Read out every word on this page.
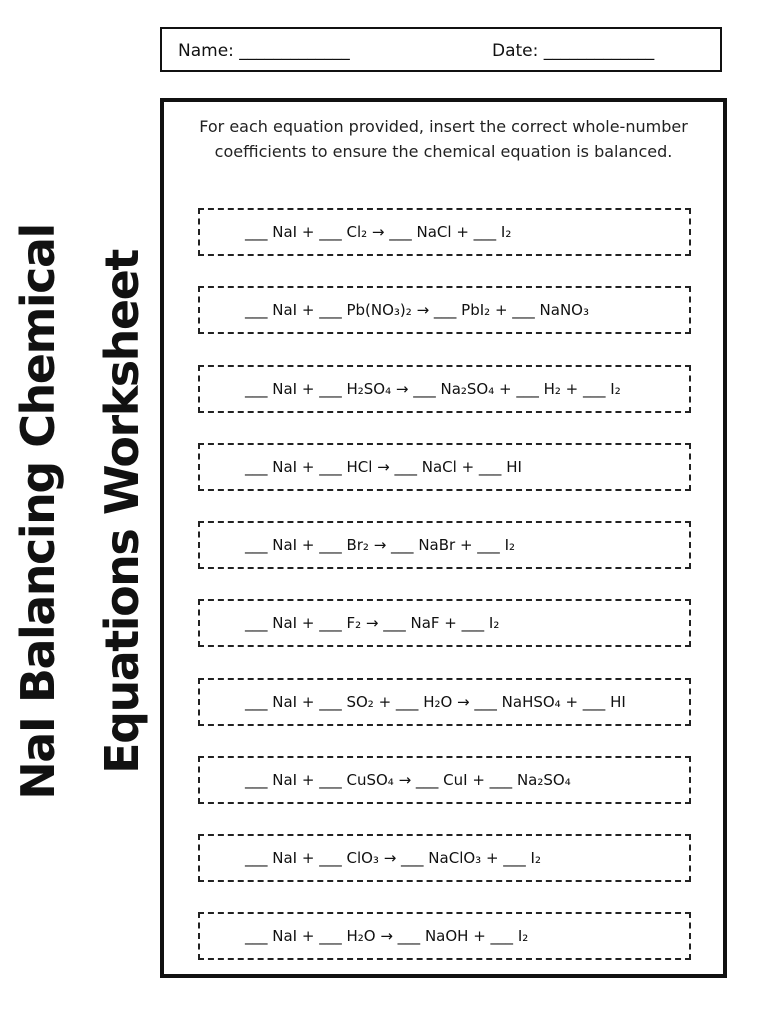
NaI Balancing Chemical Equations Worksheet
Name: _____________	Date: _____________
For each equation provided, insert the correct whole-number coefficients to ensure the chemical equation is balanced.
___ NaI + ___ Cl₂ → ___ NaCl + ___ I₂
___ NaI + ___ Pb(NO₃)₂ → ___ PbI₂ + ___ NaNO₃
___ NaI + ___ H₂SO₄ → ___ Na₂SO₄ + ___ H₂ + ___ I₂
___ NaI + ___ HCl → ___ NaCl + ___ HI
___ NaI + ___ Br₂ → ___ NaBr + ___ I₂
___ NaI + ___ F₂ → ___ NaF + ___ I₂
___ NaI + ___ SO₂ + ___ H₂O → ___ NaHSO₄ + ___ HI
___ NaI + ___ CuSO₄ → ___ CuI + ___ Na₂SO₄
___ NaI + ___ ClO₃ → ___ NaClO₃ + ___ I₂
___ NaI + ___ H₂O → ___ NaOH + ___ I₂
